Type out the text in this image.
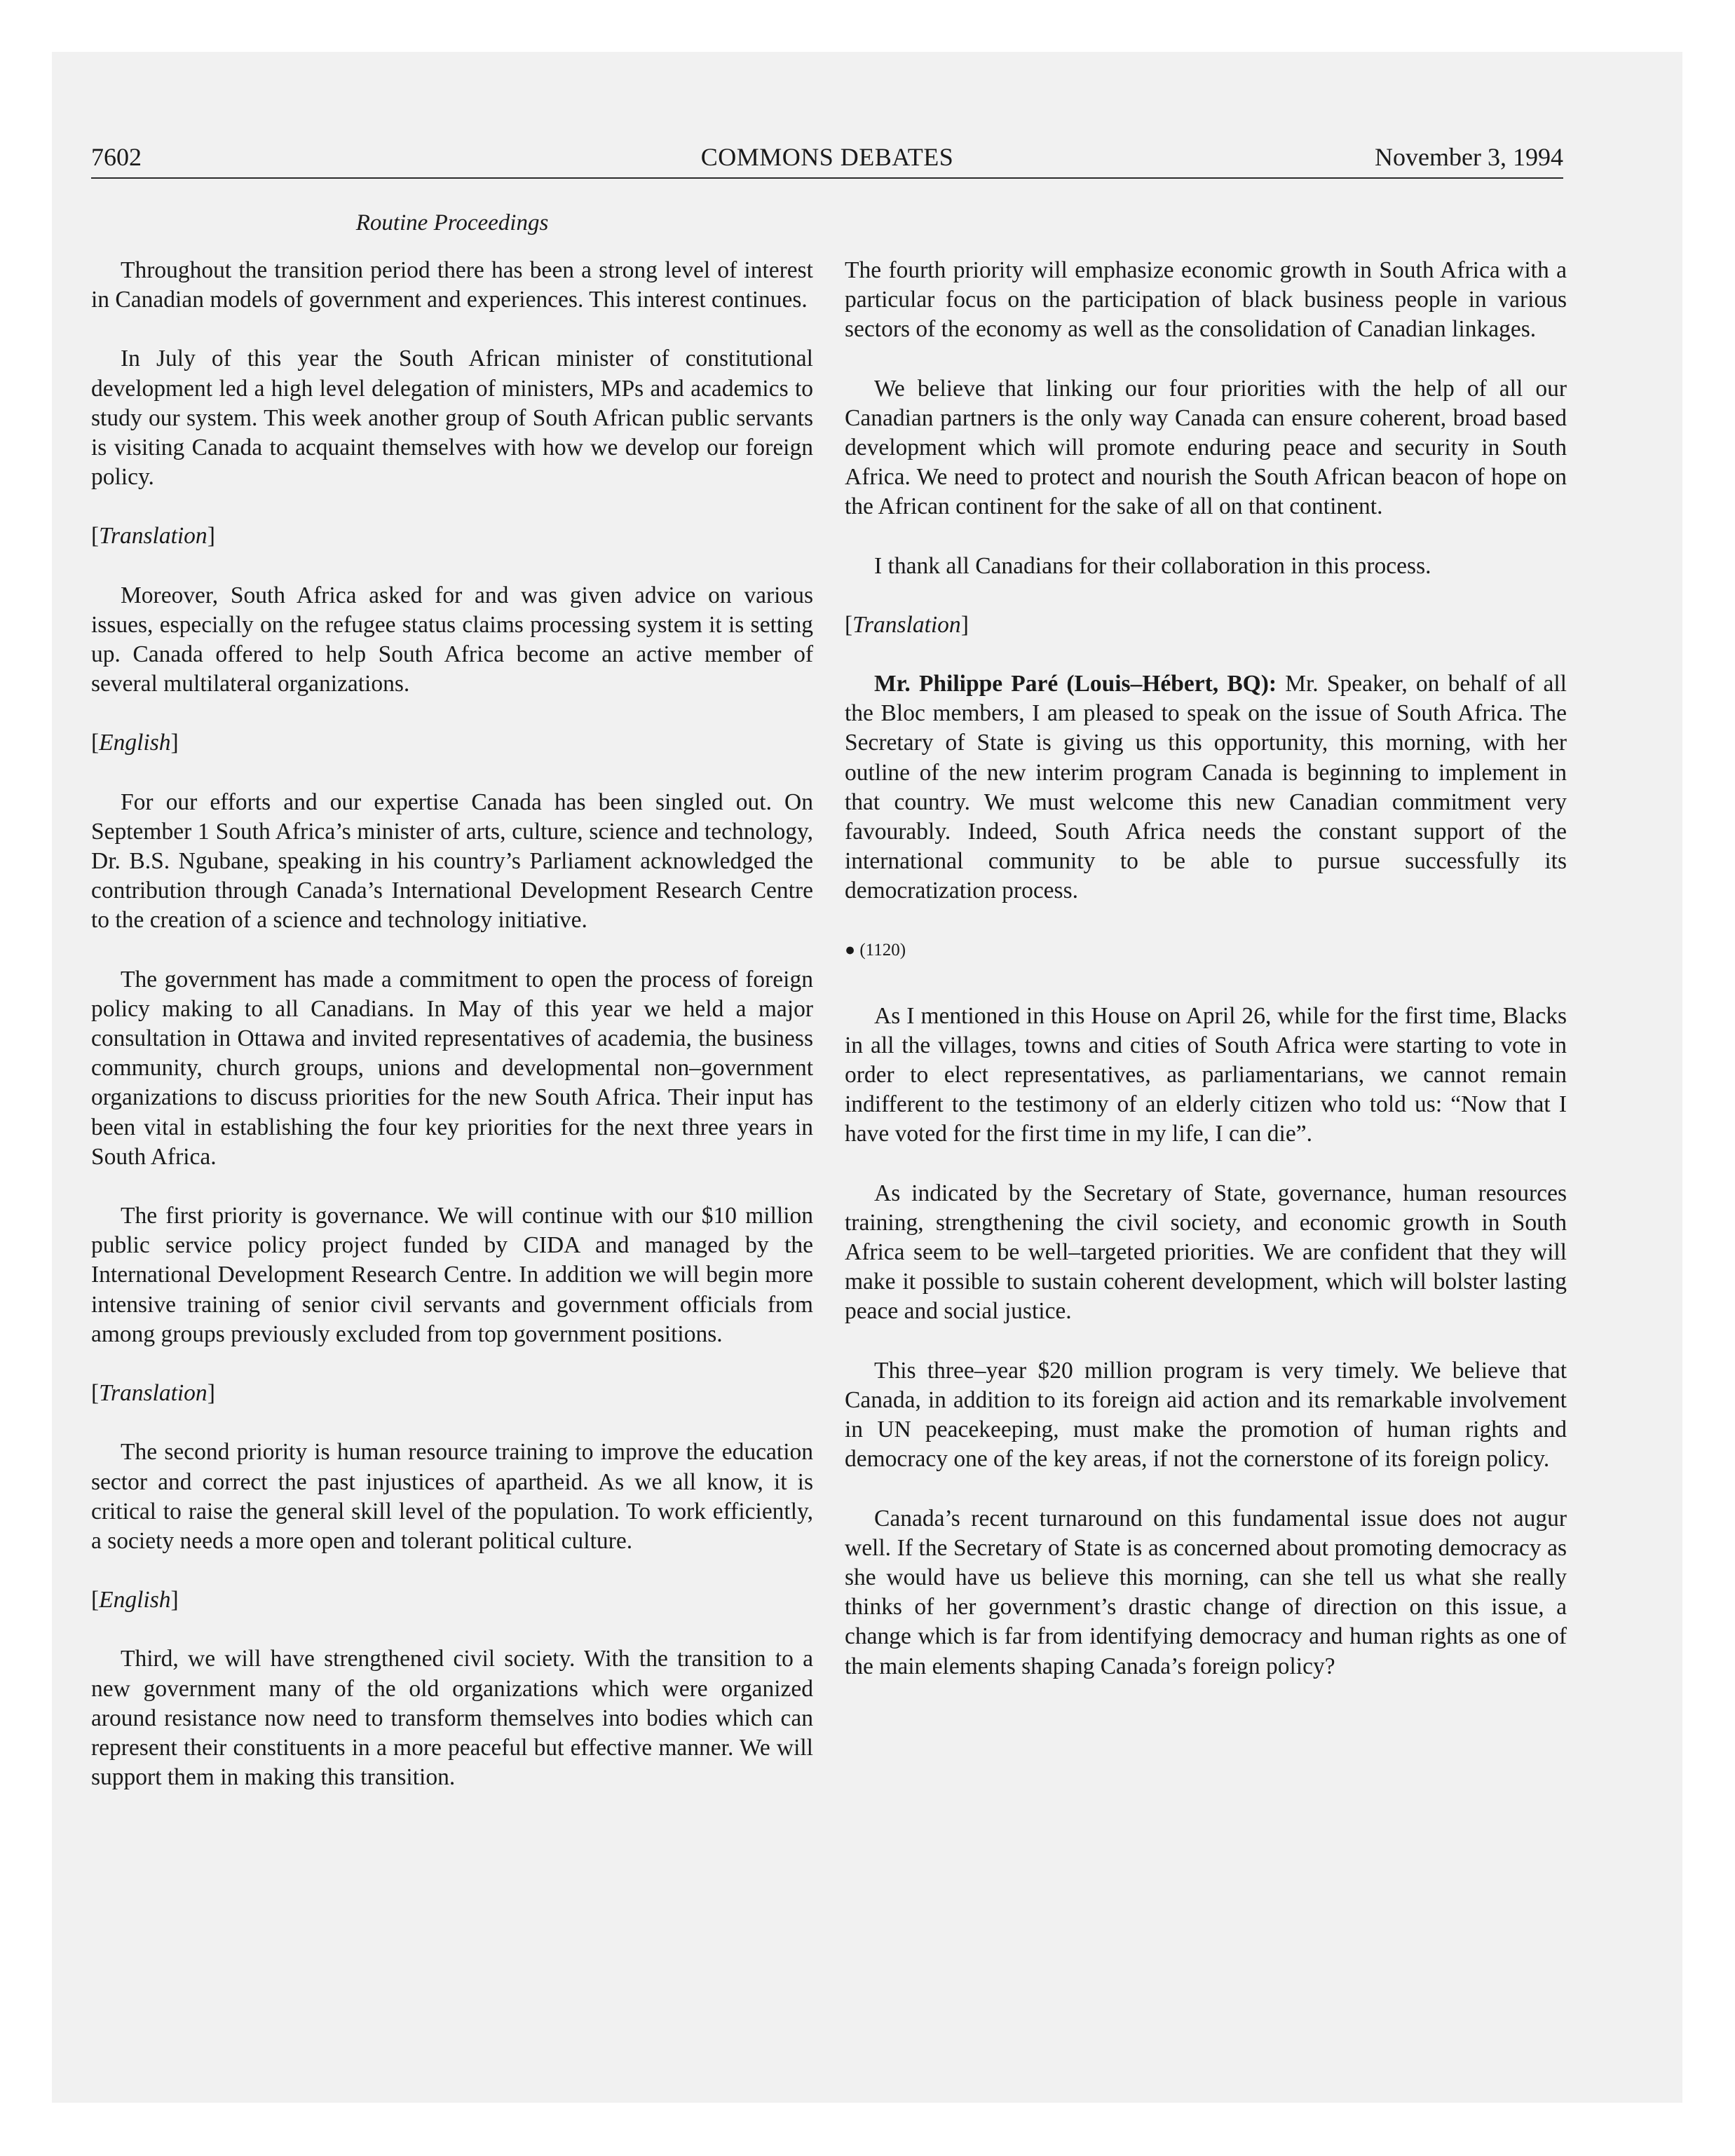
7602	COMMONS DEBATES	November 3, 1994
Routine Proceedings

Throughout the transition period there has been a strong level of interest in Canadian models of government and experiences. This interest continues.

In July of this year the South African minister of constitutional development led a high level delegation of ministers, MPs and academics to study our system. This week another group of South African public servants is visiting Canada to acquaint themselves with how we develop our foreign policy.

[Translation]

Moreover, South Africa asked for and was given advice on various issues, especially on the refugee status claims processing system it is setting up. Canada offered to help South Africa become an active member of several multilateral organizations.

[English]

For our efforts and our expertise Canada has been singled out. On September 1 South Africa’s minister of arts, culture, science and technology, Dr. B.S. Ngubane, speaking in his country’s Parliament acknowledged the contribution through Canada’s International Development Research Centre to the creation of a science and technology initiative.

The government has made a commitment to open the process of foreign policy making to all Canadians. In May of this year we held a major consultation in Ottawa and invited representatives of academia, the business community, church groups, unions and developmental non–government organizations to discuss priorities for the new South Africa. Their input has been vital in establishing the four key priorities for the next three years in South Africa.

The first priority is governance. We will continue with our $10 million public service policy project funded by CIDA and managed by the International Development Research Centre. In addition we will begin more intensive training of senior civil servants and government officials from among groups previously excluded from top government positions.

[Translation]

The second priority is human resource training to improve the education sector and correct the past injustices of apartheid. As we all know, it is critical to raise the general skill level of the population. To work efficiently, a society needs a more open and tolerant political culture.

[English]

Third, we will have strengthened civil society. With the transition to a new government many of the old organizations which were organized around resistance now need to transform themselves into bodies which can represent their constituents in a more peaceful but effective manner. We will support them in making this transition.

The fourth priority will emphasize economic growth in South Africa with a particular focus on the participation of black business people in various sectors of the economy as well as the consolidation of Canadian linkages.

We believe that linking our four priorities with the help of all our Canadian partners is the only way Canada can ensure coherent, broad based development which will promote enduring peace and security in South Africa. We need to protect and nourish the South African beacon of hope on the African continent for the sake of all on that continent.

I thank all Canadians for their collaboration in this process.

[Translation]

Mr. Philippe Paré (Louis–Hébert, BQ): Mr. Speaker, on behalf of all the Bloc members, I am pleased to speak on the issue of South Africa. The Secretary of State is giving us this opportunity, this morning, with her outline of the new interim program Canada is beginning to implement in that country. We must welcome this new Canadian commitment very favourably. Indeed, South Africa needs the constant support of the international community to be able to pursue successfully its democratization process.

● (1120)

As I mentioned in this House on April 26, while for the first time, Blacks in all the villages, towns and cities of South Africa were starting to vote in order to elect representatives, as parliamentarians, we cannot remain indifferent to the testimony of an elderly citizen who told us: “Now that I have voted for the first time in my life, I can die”.

As indicated by the Secretary of State, governance, human resources training, strengthening the civil society, and economic growth in South Africa seem to be well–targeted priorities. We are confident that they will make it possible to sustain coherent development, which will bolster lasting peace and social justice.

This three–year $20 million program is very timely. We believe that Canada, in addition to its foreign aid action and its remarkable involvement in UN peacekeeping, must make the promotion of human rights and democracy one of the key areas, if not the cornerstone of its foreign policy.

Canada’s recent turnaround on this fundamental issue does not augur well. If the Secretary of State is as concerned about promoting democracy as she would have us believe this morning, can she tell us what she really thinks of her government’s drastic change of direction on this issue, a change which is far from identifying democracy and human rights as one of the main elements shaping Canada’s foreign policy?
